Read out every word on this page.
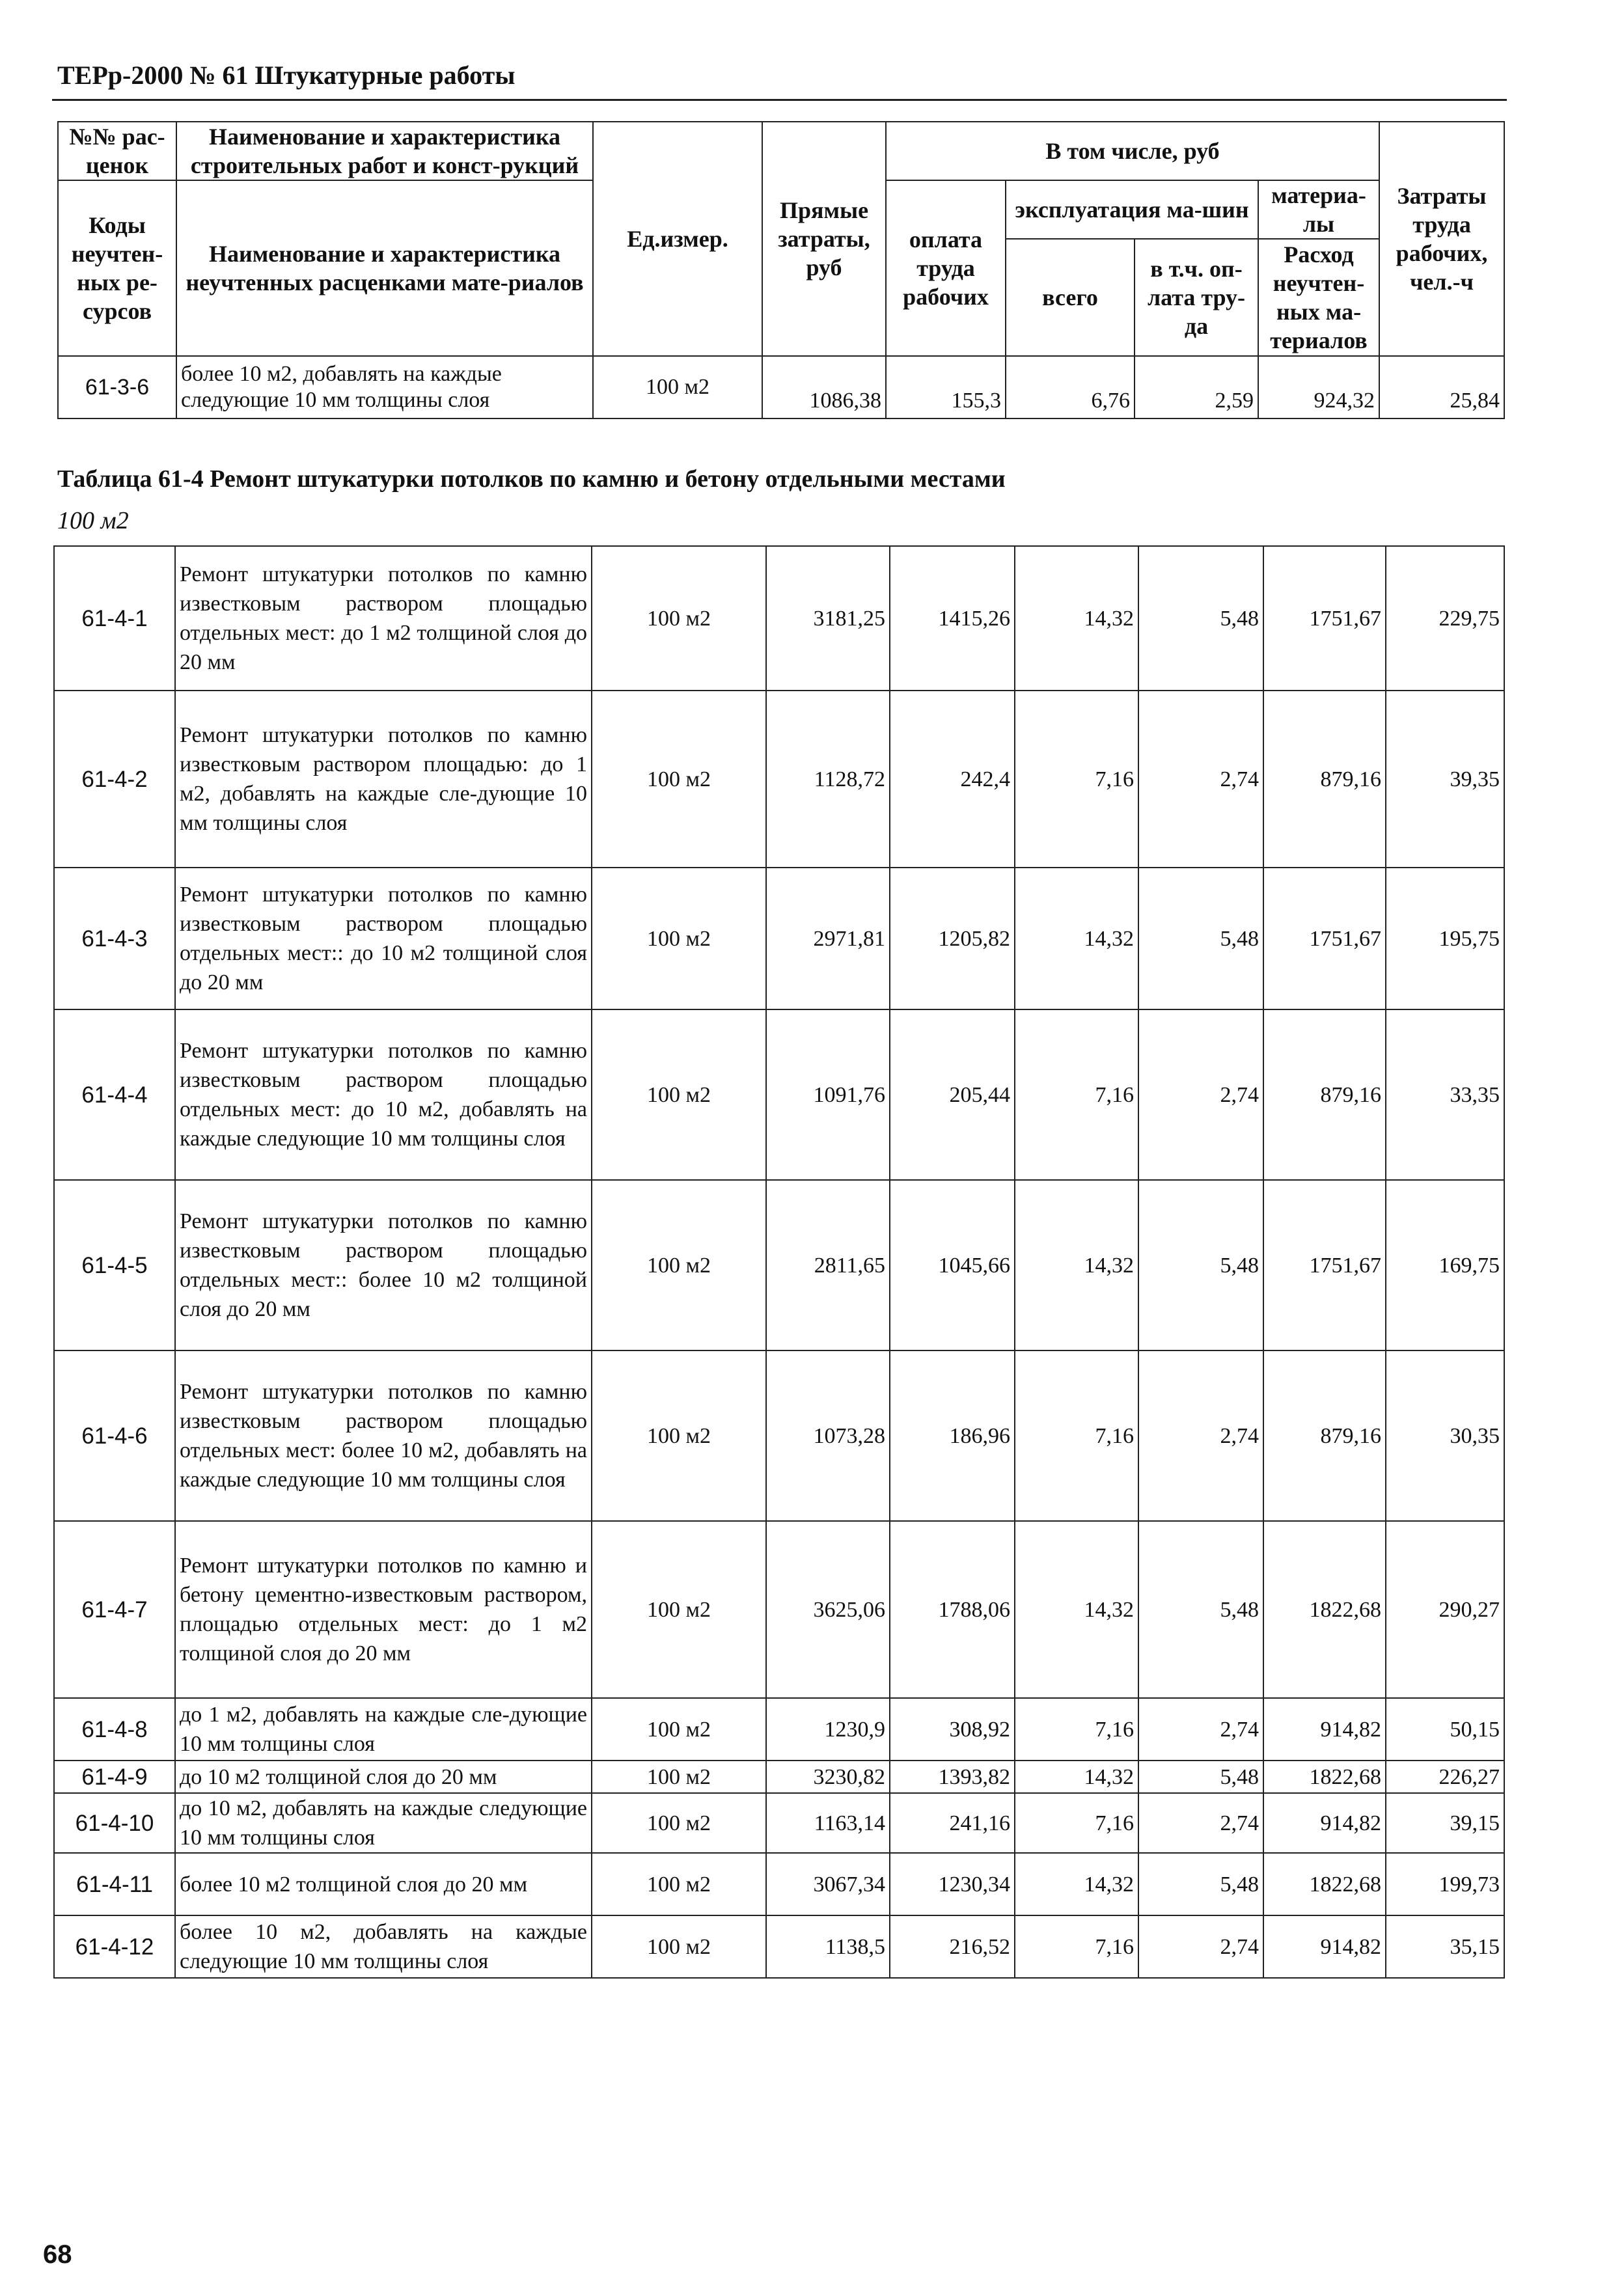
ТЕРр-2000 № 61 Штукатурные работы
№№ рас-ценок	Наименование и характеристика строительных работ и конст-рукций	Ед.измер.	Прямые затраты, руб	В том числе, руб				Затраты труда рабочих, чел.-ч
Коды неучтен-ных ре-сурсов	Наименование и характеристика неучтенных расценками мате-риалов			оплата труда рабочих	эксплуатация ма-шин		материа-лы	
					всего	в т.ч. оп-лата тру-да	Расход неучтен-ных ма-териалов	

61-3-6	более 10 м2, добавлять на каждые следующие 10 мм толщины слоя	100 м2	1086,38	155,3	6,76	2,59	924,32	25,84
Таблица 61-4 Ремонт штукатурки потолков по камню и бетону отдельными местами
100 м2
61-4-1	Ремонт штукатурки потолков по камню известковым раствором площадью отдельных мест: до 1 м2 толщиной слоя до 20 мм	100 м2	3181,25	1415,26	14,32	5,48	1751,67	229,75
61-4-2	Ремонт штукатурки потолков по камню известковым раствором площадью: до 1 м2, добавлять на каждые сле-дующие 10 мм толщины слоя	100 м2	1128,72	242,4	7,16	2,74	879,16	39,35
61-4-3	Ремонт штукатурки потолков по камню известковым раствором площадью отдельных мест:: до 10 м2 толщиной слоя до 20 мм	100 м2	2971,81	1205,82	14,32	5,48	1751,67	195,75
61-4-4	Ремонт штукатурки потолков по камню известковым раствором площадью отдельных мест: до 10 м2, добавлять на каждые следующие 10 мм толщины слоя	100 м2	1091,76	205,44	7,16	2,74	879,16	33,35
61-4-5	Ремонт штукатурки потолков по камню известковым раствором площадью отдельных мест:: более 10 м2 толщиной слоя до 20 мм	100 м2	2811,65	1045,66	14,32	5,48	1751,67	169,75
61-4-6	Ремонт штукатурки потолков по камню известковым раствором площадью отдельных мест: более 10 м2, добавлять на каждые следующие 10 мм толщины слоя	100 м2	1073,28	186,96	7,16	2,74	879,16	30,35
61-4-7	Ремонт штукатурки потолков по камню и бетону цементно-известковым раствором, площадью отдельных мест: до 1 м2 толщиной слоя до 20 мм	100 м2	3625,06	1788,06	14,32	5,48	1822,68	290,27
61-4-8	до 1 м2, добавлять на каждые сле-дующие 10 мм толщины слоя	100 м2	1230,9	308,92	7,16	2,74	914,82	50,15
61-4-9	до 10 м2 толщиной слоя до 20 мм	100 м2	3230,82	1393,82	14,32	5,48	1822,68	226,27
61-4-10	до 10 м2, добавлять на каждые следующие 10 мм толщины слоя	100 м2	1163,14	241,16	7,16	2,74	914,82	39,15
61-4-11	более 10 м2 толщиной слоя до 20 мм	100 м2	3067,34	1230,34	14,32	5,48	1822,68	199,73
61-4-12	более 10 м2, добавлять на каждые следующие 10 мм толщины слоя	100 м2	1138,5	216,52	7,16	2,74	914,82	35,15
68
